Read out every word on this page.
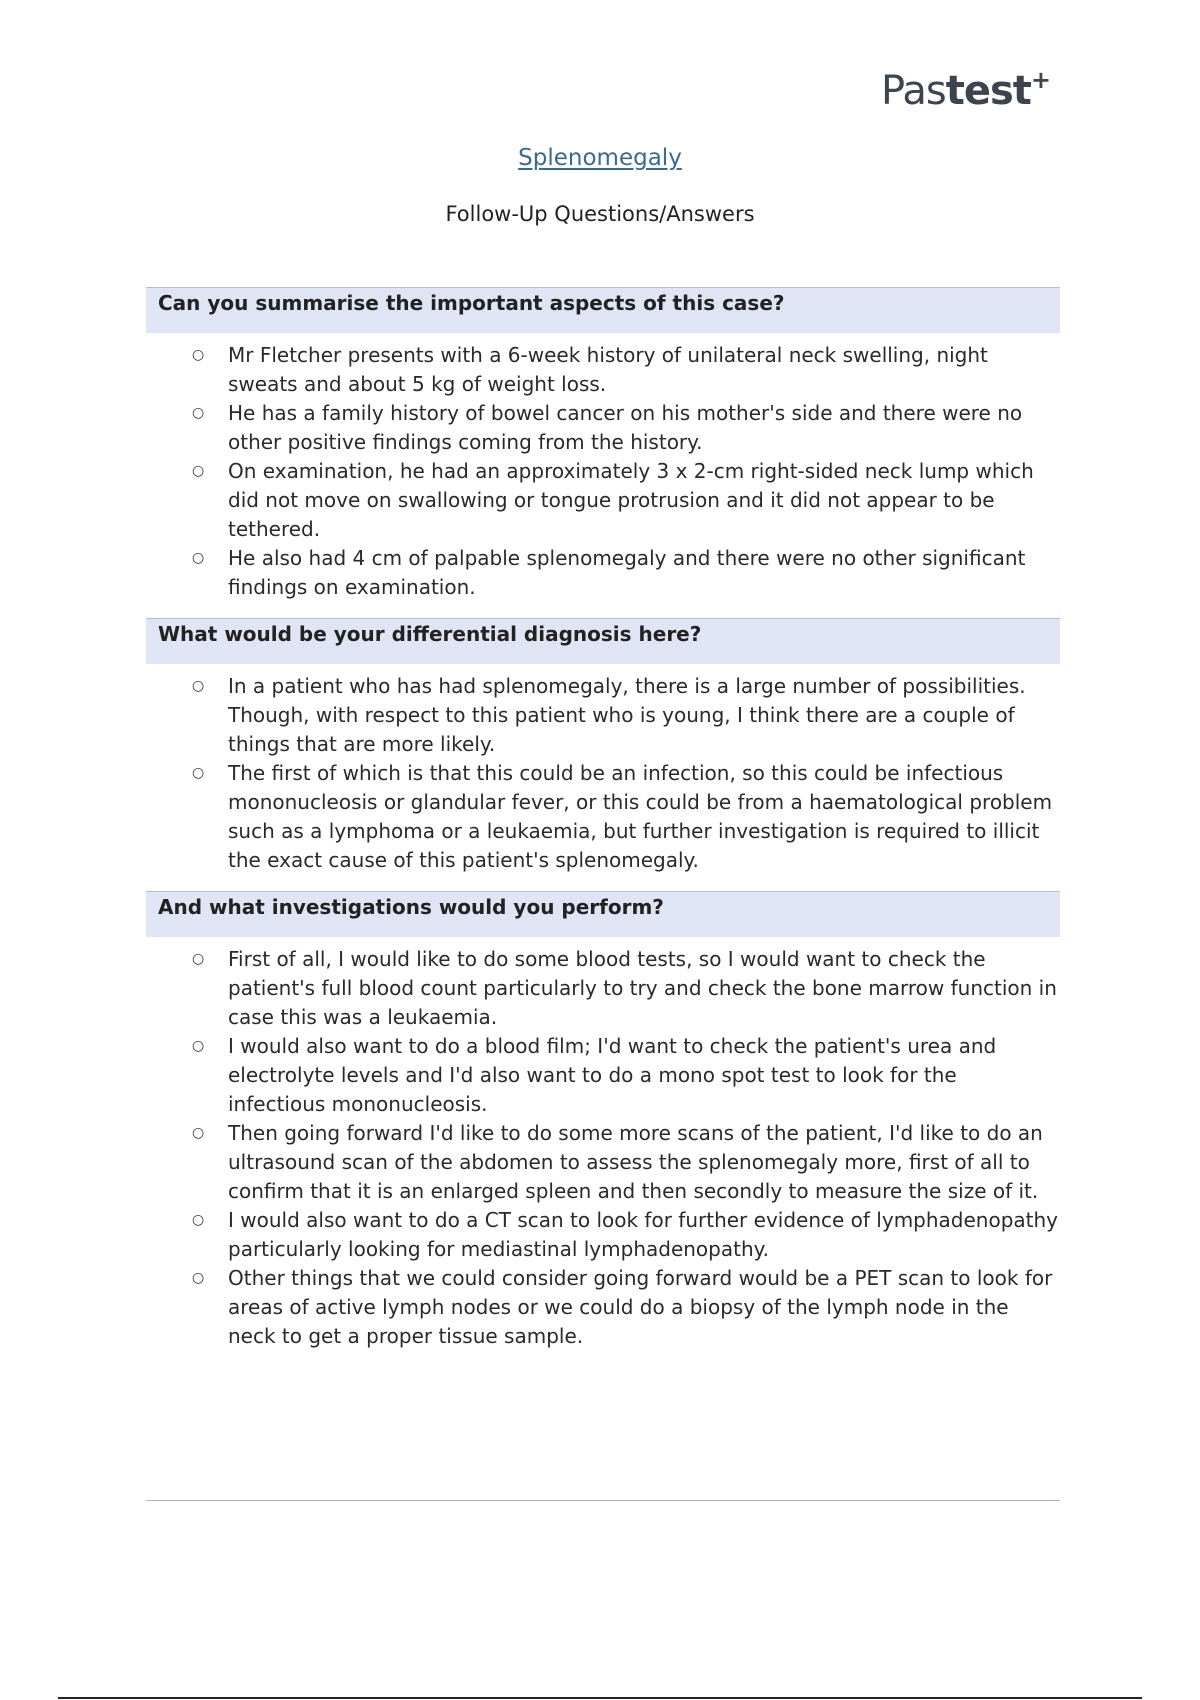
Pastest+
Splenomegaly
Follow-Up Questions/Answers
Can you summarise the important aspects of this case?
○ Mr Fletcher presents with a 6-week history of unilateral neck swelling, night sweats and about 5 kg of weight loss.
○ He has a family history of bowel cancer on his mother's side and there were no other positive findings coming from the history.
○ On examination, he had an approximately 3 x 2-cm right-sided neck lump which did not move on swallowing or tongue protrusion and it did not appear to be tethered.
○ He also had 4 cm of palpable splenomegaly and there were no other significant findings on examination.
What would be your differential diagnosis here?
○ In a patient who has had splenomegaly, there is a large number of possibilities. Though, with respect to this patient who is young, I think there are a couple of things that are more likely.
○ The first of which is that this could be an infection, so this could be infectious mononucleosis or glandular fever, or this could be from a haematological problem such as a lymphoma or a leukaemia, but further investigation is required to illicit the exact cause of this patient's splenomegaly.
And what investigations would you perform?
○ First of all, I would like to do some blood tests, so I would want to check the patient's full blood count particularly to try and check the bone marrow function in case this was a leukaemia.
○ I would also want to do a blood film; I'd want to check the patient's urea and electrolyte levels and I'd also want to do a mono spot test to look for the infectious mononucleosis.
○ Then going forward I'd like to do some more scans of the patient, I'd like to do an ultrasound scan of the abdomen to assess the splenomegaly more, first of all to confirm that it is an enlarged spleen and then secondly to measure the size of it.
○ I would also want to do a CT scan to look for further evidence of lymphadenopathy particularly looking for mediastinal lymphadenopathy.
○ Other things that we could consider going forward would be a PET scan to look for areas of active lymph nodes or we could do a biopsy of the lymph node in the neck to get a proper tissue sample.
